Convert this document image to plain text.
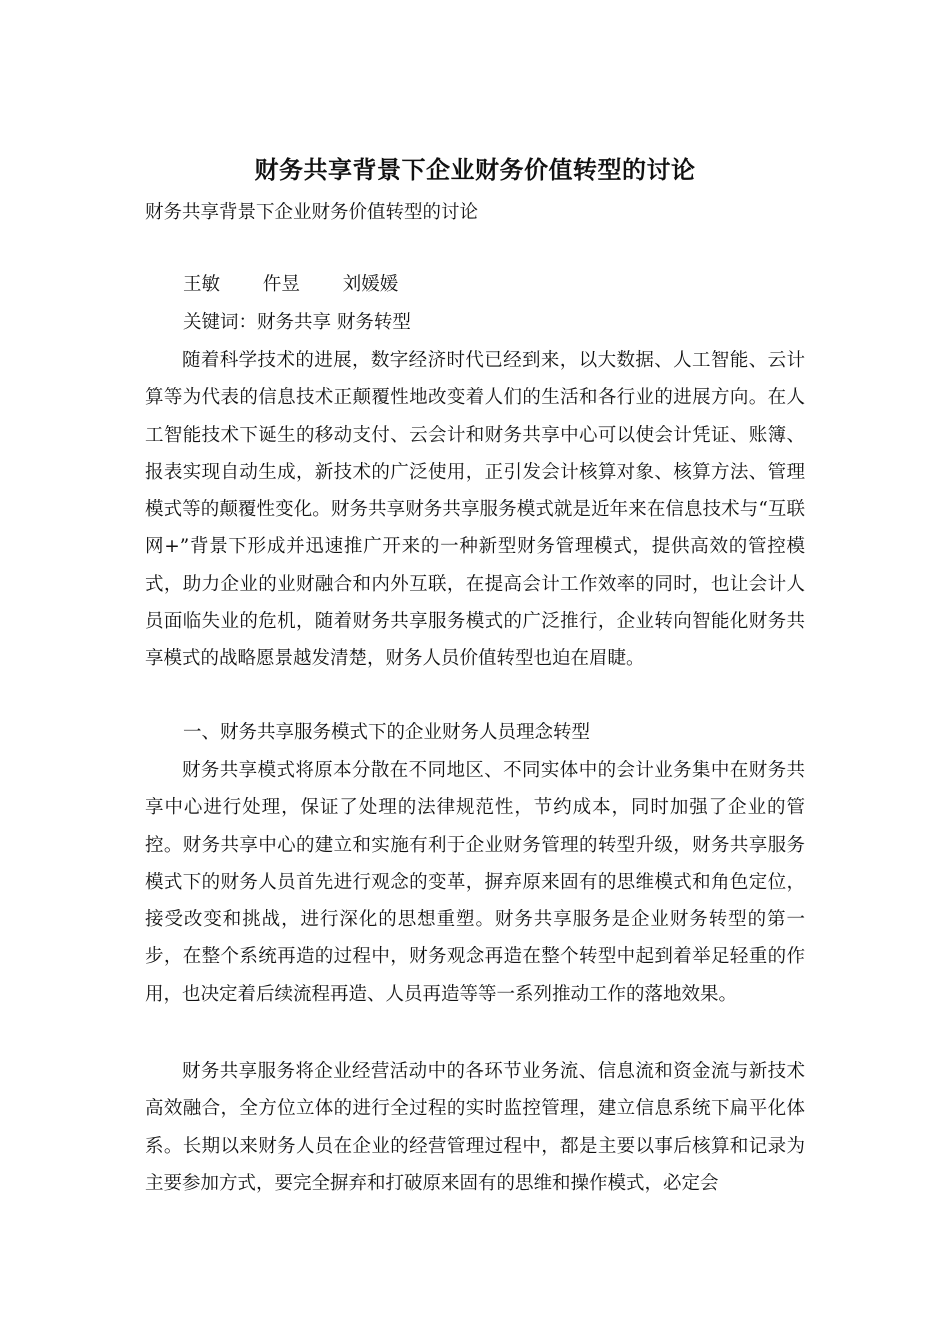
财务共享背景下企业财务价值转型的讨论
财务共享背景下企业财务价值转型的讨论
王敏　　 仵昱　　 刘媛媛
关键词：财务共享 财务转型

随着科学技术的进展，数字经济时代已经到来，以大数据、人工智能、云计算等为代表的信息技术正颠覆性地改变着人们的生活和各行业的进展方向。在人工智能技术下诞生的移动支付、云会计和财务共享中心可以使会计凭证、账簿、报表实现自动生成，新技术的广泛使用，正引发会计核算对象、核算方法、管理模式等的颠覆性变化。财务共享财务共享服务模式就是近年来在信息技术与“互联网+”背景下形成并迅速推广开来的一种新型财务管理模式，提供高效的管控模式，助力企业的业财融合和内外互联，在提高会计工作效率的同时，也让会计人员面临失业的危机，随着财务共享服务模式的广泛推行，企业转向智能化财务共享模式的战略愿景越发清楚，财务人员价值转型也迫在眉睫。

一、财务共享服务模式下的企业财务人员理念转型

财务共享模式将原本分散在不同地区、不同实体中的会计业务集中在财务共享中心进行处理，保证了处理的法律规范性，节约成本，同时加强了企业的管控。财务共享中心的建立和实施有利于企业财务管理的转型升级，财务共享服务模式下的财务人员首先进行观念的变革，摒弃原来固有的思维模式和角色定位，接受改变和挑战，进行深化的思想重塑。财务共享服务是企业财务转型的第一步，在整个系统再造的过程中，财务观念再造在整个转型中起到着举足轻重的作用，也决定着后续流程再造、人员再造等等一系列推动工作的落地效果。

财务共享服务将企业经营活动中的各环节业务流、信息流和资金流与新技术高效融合，全方位立体的进行全过程的实时监控管理，建立信息系统下扁平化体系。长期以来财务人员在企业的经营管理过程中，都是主要以事后核算和记录为主要参加方式，要完全摒弃和打破原来固有的思维和操作模式，必定会
